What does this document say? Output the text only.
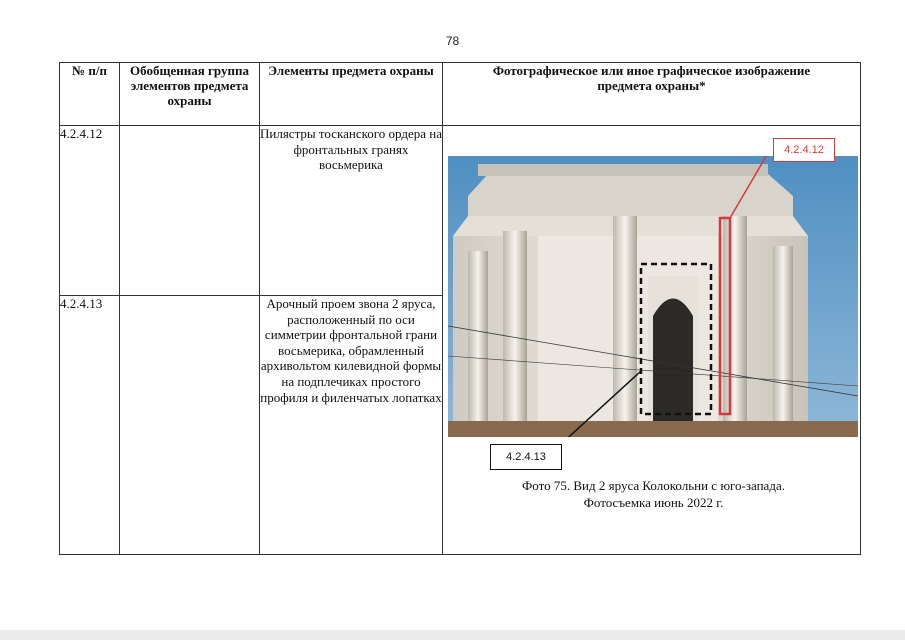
78
№ п/п	Обобщенная группа элементов предмета охраны	Элементы предмета охраны	Фотографическое или иное графическое изображение предмета охраны*
4.2.4.12		Пилястры тосканского ордера на фронтальных гранях восьмерика	4.2.4.12
4.2.4.13
Фото 75. Вид 2 яруса Колокольни с юго-запада.
Фотосъемка июнь 2022 г.

4.2.4.13		Арочный проем звона 2 яруса, расположенный по оси симметрии фронтальной грани восьмерика, обрамленный архивольтом килевидной формы на подплечиках простого профиля и филенчатых лопатках	
